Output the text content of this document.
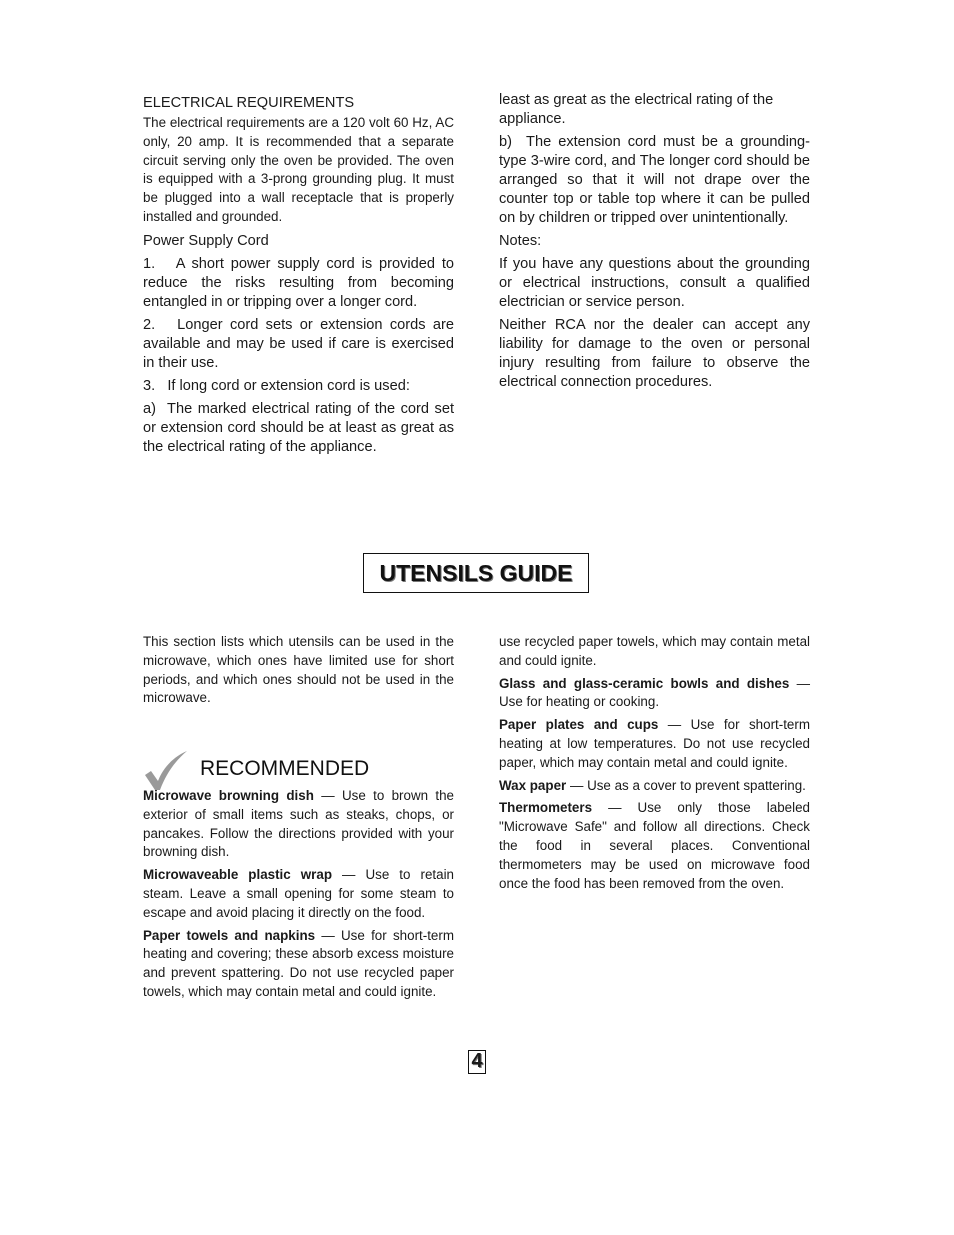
ELECTRICAL REQUIREMENTS

The electrical requirements are a 120 volt 60 Hz, AC only, 20 amp. It is recommended that a separate circuit serving only the oven be provided. The oven is equipped with a 3-prong grounding plug. It must be plugged into a wall receptacle that is properly installed and grounded.

Power Supply Cord

1.   A short power supply cord is provided to reduce the risks resulting from becoming entangled in or tripping over a longer cord.

2.   Longer cord sets or extension cords are available and may be used if care is exercised in their use.

3.   If long cord or extension cord is used:

a)  The marked electrical rating of the cord set or extension cord should be at least as great as the electrical rating of the appliance.

least as great as the electrical rating of the appliance.

b)  The extension cord must be a grounding-type 3-wire cord, and The longer cord should be arranged so that it will not drape over the counter top or table top where it can be pulled on by children or tripped over unintentionally.

Notes:

If you have any questions about the grounding or electrical instructions, consult a qualified electrician or service person.

Neither RCA nor the dealer can accept any liability for damage to the oven or personal injury resulting from failure to observe the electrical connection procedures.

UTENSILS GUIDE

This section lists which utensils can be used in the microwave, which ones have limited use for short periods, and which ones should not be used in the microwave.

RECOMMENDED

Microwave browning dish — Use to brown the exterior of small items such as steaks, chops, or pancakes. Follow the directions provided with your browning dish.

Microwaveable plastic wrap — Use to retain steam. Leave a small opening for some steam to escape and avoid placing it directly on the food.

Paper towels and napkins — Use for short-term heating and covering; these absorb excess moisture and prevent spattering. Do not use recycled paper towels, which may contain metal and could ignite.

use recycled paper towels, which may contain metal and could ignite.

Glass and glass-ceramic bowls and dishes — Use for heating or cooking.

Paper plates and cups — Use for short-term heating at low temperatures. Do not use recycled paper, which may contain metal and could ignite.

Wax paper — Use as a cover to prevent spattering.

Thermometers — Use only those labeled "Microwave Safe" and follow all directions. Check the food in several places. Conventional thermometers may be used on microwave food once the food has been removed from the oven.

4
